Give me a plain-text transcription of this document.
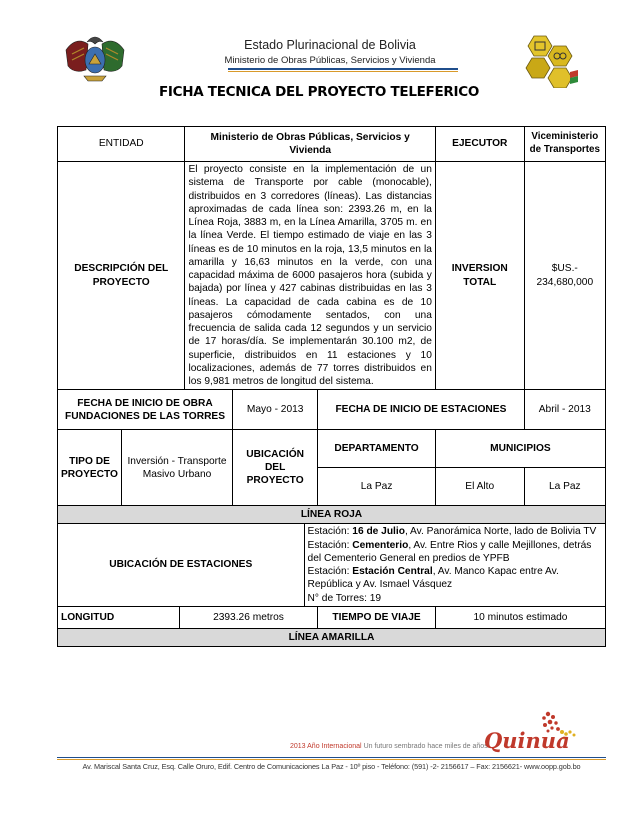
Estado Plurinacional de Bolivia
Ministerio de Obras Públicas, Servicios y Vivienda
FICHA TECNICA DEL PROYECTO TELEFERICO
ENTIDAD			Ministerio de Obras Públicas, Servicios y Vivienda				EJECUTOR	Viceministerio de Transportes
DESCRIPCIÓN DEL PROYECTO			El proyecto consiste en la implementación de un sistema de Transporte por cable (monocable), distribuidos en 3 corredores (líneas). Las distancias aproximadas de cada línea son: 2393.26 m, en la Línea Roja, 3883 m, en la Línea Amarilla, 3705 m. en la línea Verde. El tiempo estimado de viaje en las 3 líneas es de 10 minutos en la roja, 13,5 minutos en la amarilla y 16,63 minutos en la verde, con una capacidad máxima de 6000 pasajeros hora (subida y bajada) por línea y 427 cabinas distribuidas en las 3 líneas. La capacidad de cada cabina es de 10 pasajeros cómodamente sentados, con una frecuencia de salida cada 12 segundos y un servicio de 17 horas/día. Se implementarán 30.100 m2, de superficie, distribuidos en 11 estaciones y 10 localizaciones, además de 77 torres distribuidos en los 9,981 metros de longitud del sistema.				INVERSION TOTAL	$US.- 234,680,000
FECHA DE INICIO DE OBRA FUNDACIONES DE LAS TORRES				Mayo - 2013		FECHA DE INICIO DE ESTACIONES		Abril - 2013
TIPO DE PROYECTO	Inversión - Transporte Masivo Urbano			UBICACIÓN DEL PROYECTO		DEPARTAMENTO	MUNICIPIOS	
						La Paz	El Alto	La Paz
LÍNEA ROJA								
UBICACIÓN DE ESTACIONES					Estación: 16 de Julio, Av. Panorámica Norte, lado de Bolivia TV
Estación: Cementerio, Av. Entre Rios y calle Mejillones, detrás del Cementerio General en predios de YPFB
Estación: Estación Central, Av. Manco Kapac entre Av. República y Av. Ismael Vásquez
N° de Torres: 19			

LONGITUD		2393.26 metros				TIEMPO DE VIAJE	10 minutos estimado	
LÍNEA AMARILLA								
2013 Año Internacional Un futuro sembrado hace miles de años
Quinua
Av. Mariscal Santa Cruz, Esq. Calle Oruro, Edif. Centro de Comunicaciones La Paz - 10º piso - Teléfono: (591) -2- 2156617 – Fax: 2156621- www.oopp.gob.bo
